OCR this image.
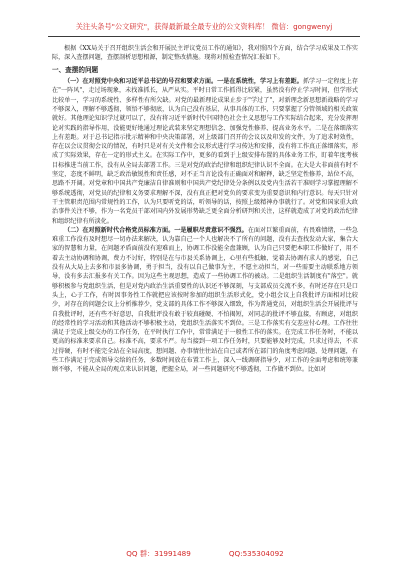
关注头条号"公文研究"，获得最新最全最专业的公文资料库！ 微信：gongwenyj

根据《XX局关于召开组织生活会和开展民主评议党员工作的通知》，我对照四个方面，结合学习成果及工作实际，深入查摆问题，查摆剖析思想根源，制定整改措施。现将对照检查情况汇报如下。

一、查摆的问题

（一）在对照党中央和习近平总书记的号召和要求方面。一是在系统性，学习上有差距。抓学习一定程度上存在"一阵风"，走过场现象，未找准抓长，从严从实。平时日常工作抓得比较紧，虽然没有停止学习时间，但学形式比较单一，学习的系统性、多样性有所欠缺。对党的最新理论成果止步于"学过了"，对新理念新思想新战略的学习不够深入，理解不够透彻，领悟不够彻底，认为自己没有基层，从事具体的工作，只要掌握了分管领域的相关政策就好。其他理论知识学过就可以了，没有将习近平新时代中国特色社会主义思想与工作实际结合起来，充分发挥理论对实践的指导作用，没能更好地通过理论武装来坚定理想信念、加强党性修养、提高业务水平。二是在落细落实上有差距。对于总书记指示批示精神和中央决策部署，对上级部门召开的会议以及印发的文件，为了追求时效性，存在以会议贯彻会议的情况，有时只是对有关文件和会议形式进行学习传达和安排，没有将工作真正落细落实，形成了实际效果，存在一定的形式主义。在实际工作中，更多的看到于上级安排布置的具体业务工作，盯着年度考核目标推进当前工作，没有从全局去部署工作。三是对党的政治纪律和组织纪律认识不全面。在大是大非面前有时不坚定，态度不鲜明，缺乏政治敏锐性和责任感，对不正当言论没有正确面对和解释，缺乏坚定性修养，站位不高，思路不开阔。对党章和中国共产党廉洁自律准则和中国共产党纪律处分条例以及党内生活若干准则学习掌握理解不够系统透彻，对党员的纪律和义务要求理解不深，没有真正把对党负的要求变为重要意识和内行意识。每天只针对干主管职责范围内常规性的工作，认为只要听党的话，听领导的话，按照上级精神办事就行了。对党和国家重大政治事件关注不够，作为一名党员干部对国内外发展形势缺乏更全面分析研判和关注，这样就造成了对党的政治纪律和组织纪律有所淡化。

（二）在对照新时代合格党员标准方面。一是履职尽责意识不强烈。在面对巨繁重面前，有畏难情绪，一些急难重工作没有及时想尽一切办法来解决，认为靠自己一个人也解决不了所有的问题，没有去查找发动大家，集合大家的智慧和力量，在问题矛盾面前没有迎难而上，协调工作没能全盘兼顾，认为自己只要把本职工作做好了，用不着去主动协调和协调，费力不讨好，特别是在与市县关系协调上，心里有些抵触，觉着去协调有求人的感觉，自己没有从大局上去多和市县多协调，勇于担当，没有以自己做事为主，不愿主动担当，对一些需要主动联系地方领导，没有多去汇报多有关工作。因为这些主观思想，造成了一些协调工作的被动。二是组织生活制度有"落空"。就够积极参与党组织生活，但是对党内政治生活重要性的认识还不够深刻，与支部成员交流不多，有时还存在只是口头上，心于工作，有时因事务性工作就把应该按时参加的组织生活形式化，党小组会议上自我批评方面相对比较少，对存在的问题会议上分析推荐少，党支部的具体工作不够深入细致，作为普通党员，对组织生活会开展批评与自我批评时，还有些不好意思，自我批评没有敢于较真碰硬、不怕揭短，对同志的批评不够直接，有顾虑，对组织的经常性的学习活动和其他活动不够积极主动，党组织生活落实不到位。三是工作落实有交差应付心理。工作往往满足于完成上级交办的工作任务，在平时执行工作中，常常满足于一般性工作的落实。在完成工作任务时，不能以更高的标准来要求自己。标准不高，要求不严。每当接到一项工作任务时，只要能够及时完成，只求过得去，不求过得硬，有时不能完全站在全局高度，想问题、办事情往往站在自己或者所在部门的角度考虑问题、处理问题，有些工作满足于完成领导交给的任务，多数时间放在布置工作上，深入一线调研指导少，对工作的全面考虑和统筹兼顾不够，不能从全局的观点来认识问题，把握全局，对一些问题研究不够透彻，工作做不到位。比如对

QQ 群：31991489	QQ:535304092
